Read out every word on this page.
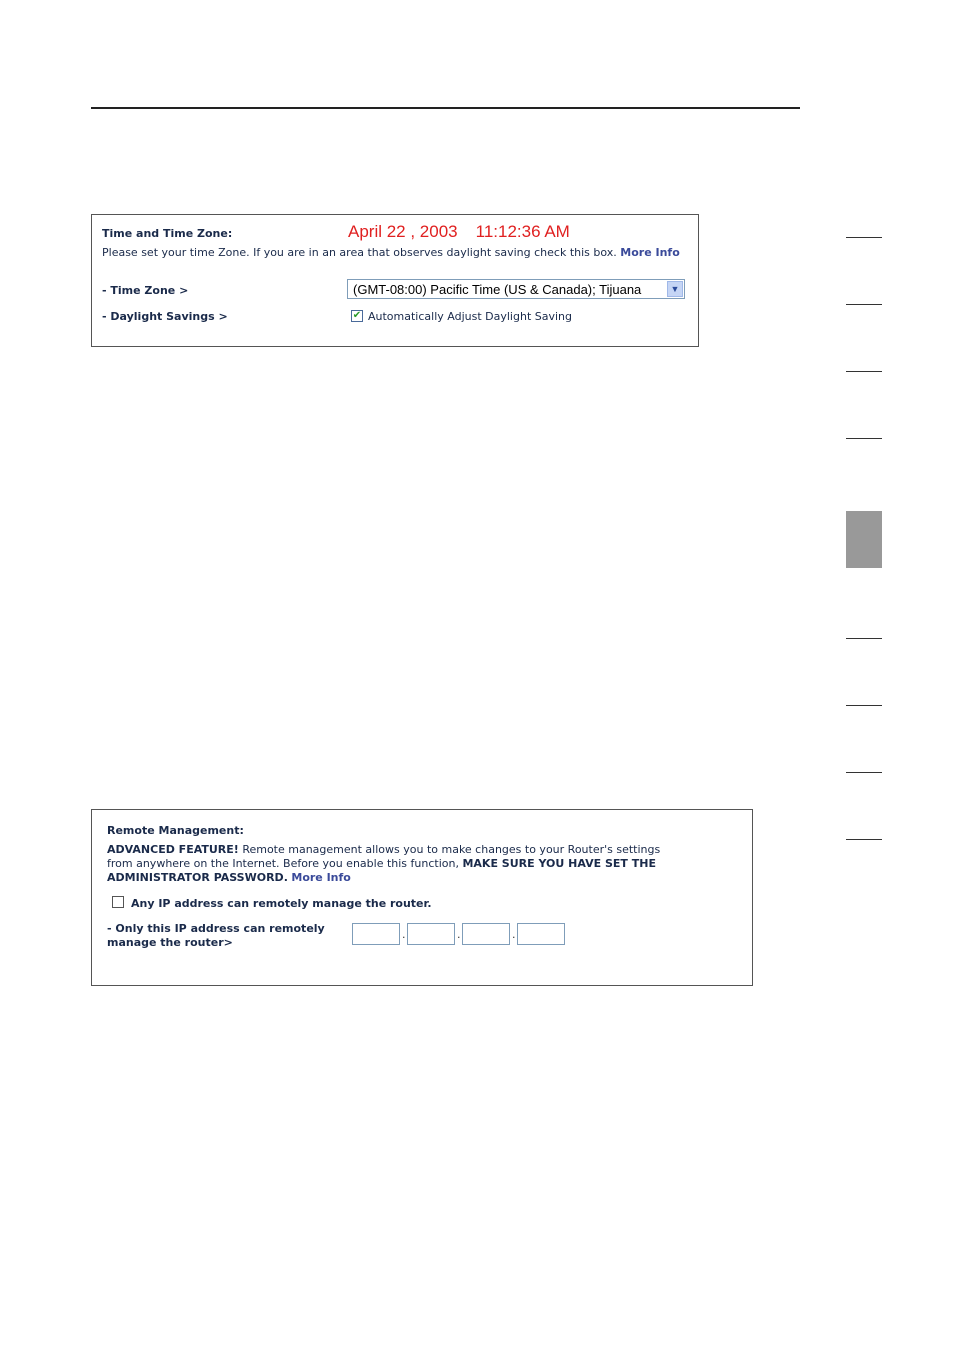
Time and Time Zone:	April 22 , 2003 11:12:36 AM
Please set your time Zone. If you are in an area that observes daylight saving check this box. More Info
- Time Zone >	(GMT-08:00) Pacific Time (US & Canada); Tijuana	▼
- Daylight Savings >	✔ Automatically Adjust Daylight Saving
Remote Management:
ADVANCED FEATURE! Remote management allows you to make changes to your Router's settings from anywhere on the Internet. Before you enable this function, MAKE SURE YOU HAVE SET THE ADMINISTRATOR PASSWORD. More Info
Any IP address can remotely manage the router.
- Only this IP address can remotely
manage the router>
.	.	.
